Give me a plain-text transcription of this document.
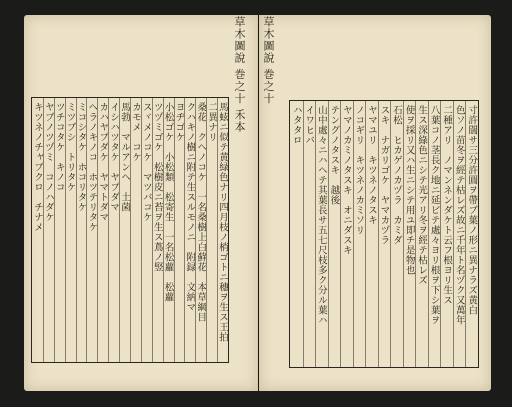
草木圖說 巻之十 禾本
馬蚿ニ似テ黄緑色ナリ四月枝ノ梢ゴトニ穗ヲ生ス王拍
二異ナリ
桑花　クヘノコケ　一名桑樹上白蘚花　本草綱目
クハキノ樹ニ附テ生スルモノニ　附録　文納マ
ヨヂゴケ
小松ゴケ　小松類　松寄生　一名松蘿　松蘿
ツヅミゴケ　松樹皮ニ苔ヲ生ス蔦ノ竪
スヾメノコケ　マツバコケ
カモメ　コケ
馬勃　マルアンヘ　土菌
イシハツタケ　ヤブダマ
カハヤブダケ　ヤマトダマ
ヘラノキノコ　ホツテリタケ
ミコシタケ　ホコリタケ
ミツブシ　トリタケ
ツチコタケ　キノコ
ヤブノツヅミ　コノハダケ
キツネノチャブクロ　チナメ
草木圖說 巻之十
寸許闊サ三分許圓ヲ帶ブ葉ノ形ニ異ナラズ黄白
色ソノ苗冬ヲ經テ枯レズ故ニ千年ト名ヅク又萬年
二種アリ　ノマンネンダケト云フ根ヨリ生ス
八葉コノ茎長ク地ニ延ビテ處々ヨリ根ヲ下シ葉ヲ
生ス深綠色ニシテ光アリ冬ヲ經テ枯レズ
使ヲ採リ又ハ生ニシテ用ユ即チ是物也
石松　ヒカゲノカヅラ　カミダ
スキ　ナガリゴケ　ヤマカヅラ
ヤマユリ　キツネノタスキ
ノコギリ　キツネノカミソリ
ヤマノカミノタスキ　オニダスキ
テングノタスキ　越後
山中處々ニハヘテ其葉長サ五七尺枝多ク分ル葉ハ
イワヒバ
ハタタロ
